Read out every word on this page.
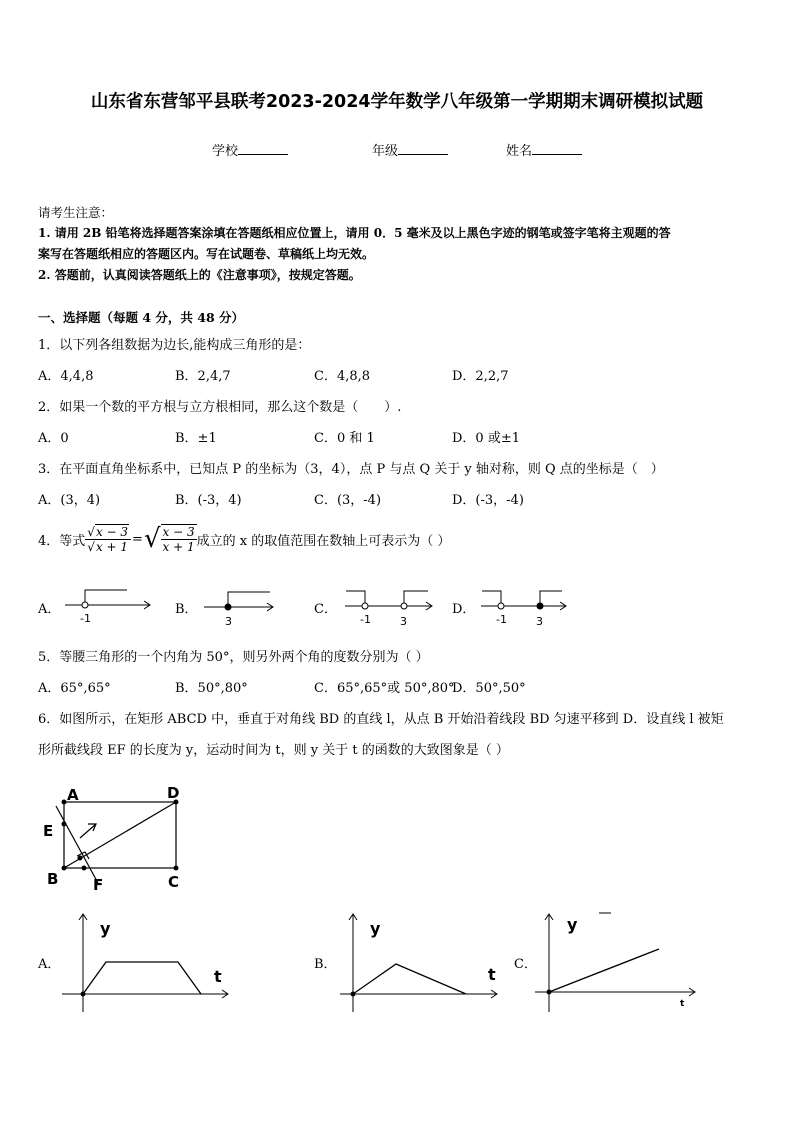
山东省东营邹平县联考2023-2024学年数学八年级第一学期期末调研模拟试题
学校	年级	姓名
请考生注意：
1. 请用 2B 铅笔将选择题答案涂填在答题纸相应位置上，请用 0．5 毫米及以上黑色字迹的钢笔或签字笔将主观题的答
案写在答题纸相应的答题区内。写在试题卷、草稿纸上均无效。
2. 答题前，认真阅读答题纸上的《注意事项》，按规定答题。
一、选择题（每题 4 分，共 48 分）
1．以下列各组数据为边长,能构成三角形的是：
A．4,4,8	B．2,4,7	C．4,8,8	D．2,2,7
2．如果一个数的平方根与立方根相同，那么这个数是（　　）.
A．0	B．±1	C．0 和 1	D．0 或±1
3．在平面直角坐标系中，已知点 P 的坐标为（3，4），点 P 与点 Q 关于 y 轴对称，则 Q 点的坐标是（　）
A．(3，4)	B．(-3，4)	C．(3，-4)	D．(-3，-4)
4．等式 $\frac{√x - 3}{√x + 1}$ = √ $\frac{x - 3}{x + 1}$ 成立的 x 的取值范围在数轴上可表示为（ ）
A．	B．	C．	D．
-1	3	-1	3	-1	3
5．等腰三角形的一个内角为 50°，则另外两个角的度数分别为（ ）
A．65°,65°	B．50°,80°	C．65°,65°或 50°,80°
D．50°,50°
6．如图所示，在矩形 ABCD 中，垂直于对角线 BD 的直线 l，从点 B 开始沿着线段 BD 匀速平移到 D．设直线 l 被矩
形所截线段 EF 的长度为 y，运动时间为 t，则 y 关于 t 的函数的大致图象是（ ）
A	D
E
B F	C
A．	B．	C．
y
t
y
t
y
t
